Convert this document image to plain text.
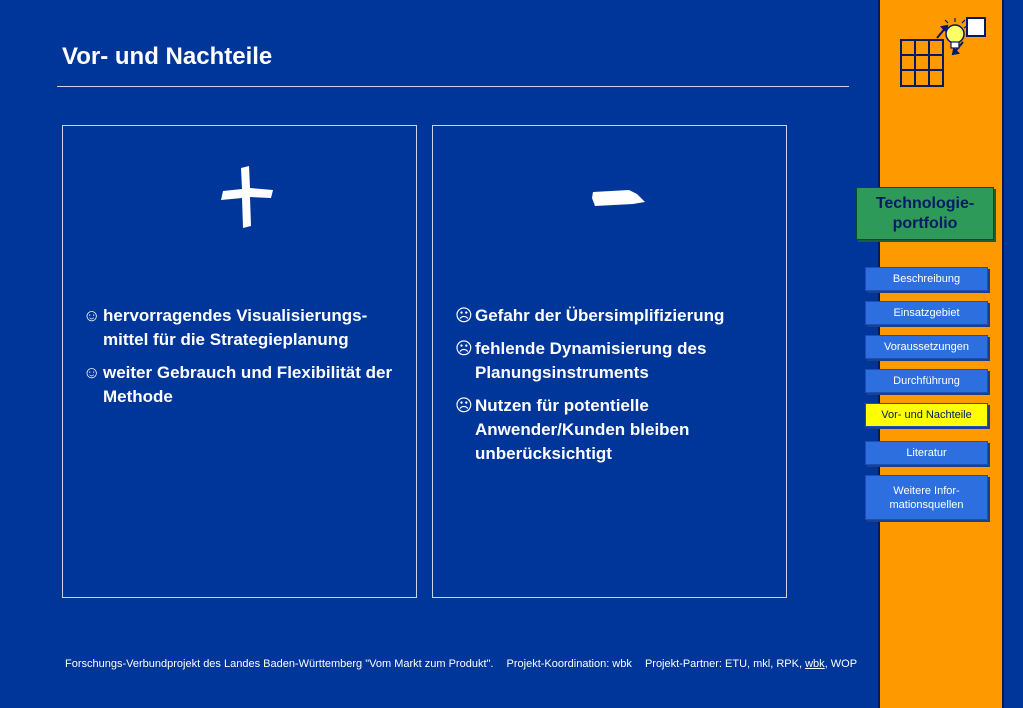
Vor- und Nachteile
☺ hervorragendes Visualisierungs-mittel für die Strategieplanung
☺ weiter Gebrauch und Flexibilität der Methode
☹ Gefahr der Übersimplifizierung
☹ fehlende Dynamisierung des Planungsinstruments
☹ Nutzen für potentielle Anwender/Kunden bleiben unberücksichtigt
Technologie-
portfolio
Beschreibung
Einsatzgebiet
Voraussetzungen
Durchführung
Vor- und Nachteile
Literatur
Weitere Infor-
mationsquellen
Forschungs-Verbundprojekt des Landes Baden-Württemberg "Vom Markt zum Produkt". Projekt-Koordination: wbk Projekt-Partner: ETU, mkl, RPK, wbk, WOP
